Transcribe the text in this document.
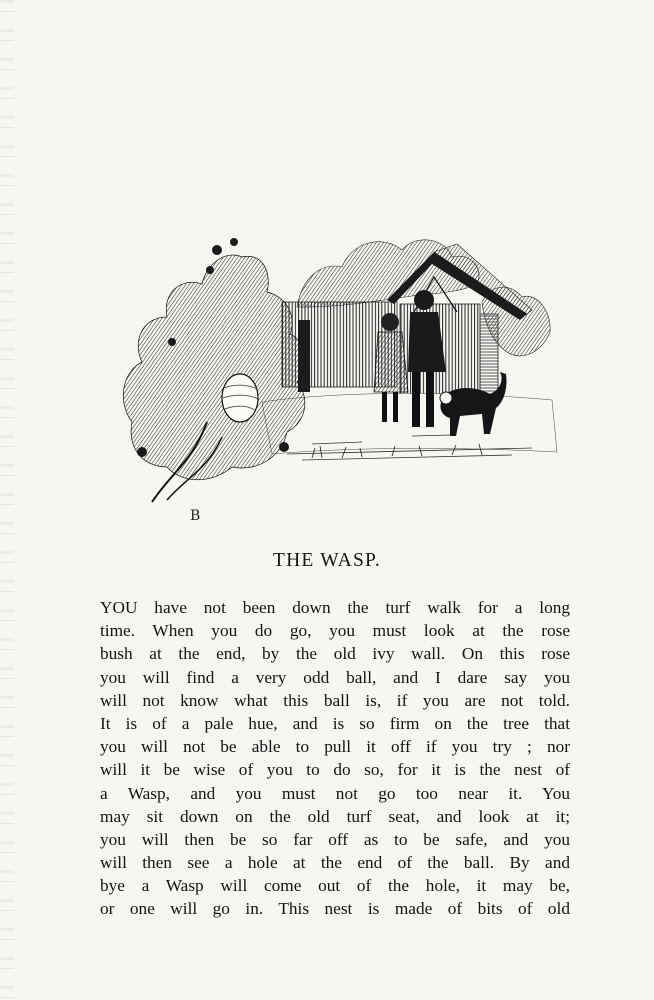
B
THE WASP.
YOU have not been down the turf walk for a long
time. When you do go, you must look at the rose
bush at the end, by the old ivy wall. On this rose
you will find a very odd ball, and I dare say you
will not know what this ball is, if you are not told.
It is of a pale hue, and is so firm on the tree that
you will not be able to pull it off if you try ; nor
will it be wise of you to do so, for it is the nest of
a Wasp, and you must not go too near it. You
may sit down on the old turf seat, and look at it;
you will then be so far off as to be safe, and you
will then see a hole at the end of the ball. By and
bye a Wasp will come out of the hole, it may be,
or one will go in. This nest is made of bits of old
